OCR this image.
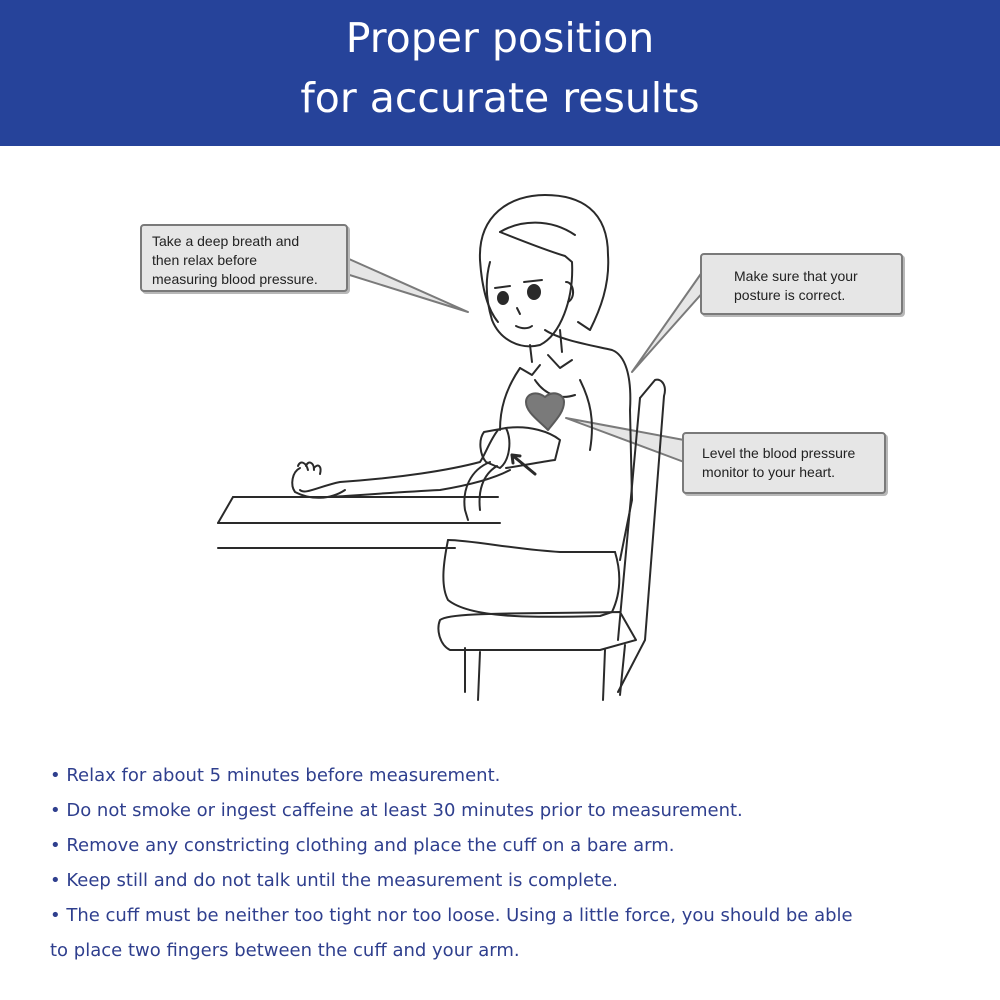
Proper position
for accurate results
Take a deep breath and
then relax before
measuring blood pressure.	Make sure that your
posture is correct.
Level the blood pressure
monitor to your heart.
• Relax for about 5 minutes before measurement.
• Do not smoke or ingest caffeine at least 30 minutes prior to measurement.
• Remove any constricting clothing and place the cuff on a bare arm.
• Keep still and do not talk until the measurement is complete.
• The cuff must be neither too tight nor too loose. Using a little force, you should be able
to place two fingers between the cuff and your arm.
